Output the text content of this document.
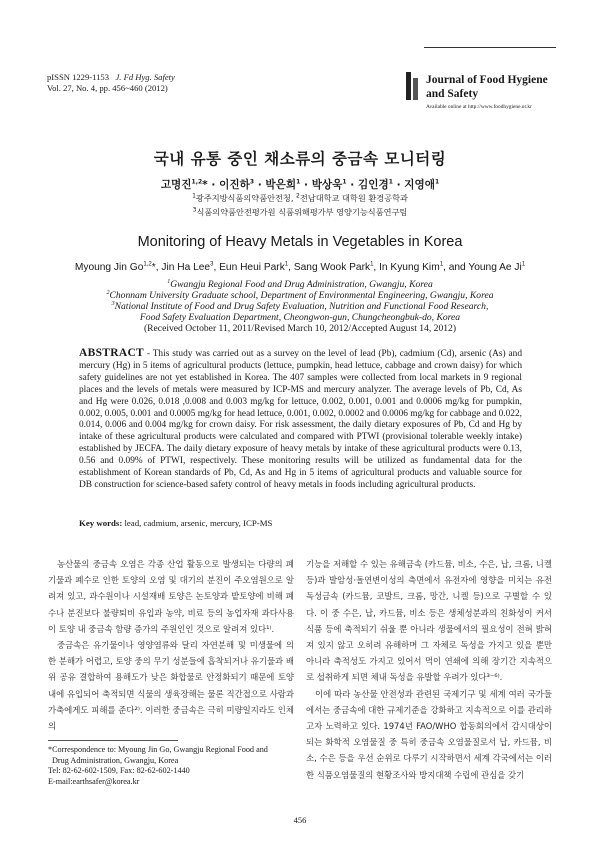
pISSN 1229-1153 J. Fd Hyg. Safety
Vol. 27, No. 4, pp. 456~460 (2012)
Journal of Food Hygiene
and Safety
Available online at http://www.foodhygiene.or.kr
국내 유통 중인 채소류의 중금속 모니터링
고명진$^{1,2}$* · 이진하$^3$ · 박은희$^1$ · 박상욱$^1$ · 김인경$^1$ · 지영애$^1$
$^1$광주지방식품의약품안전청, $^2$전남대학교 대학원 환경공학과
$^3$식품의약품안전평가원 식품위해평가부 영양기능식품연구팀
Monitoring of Heavy Metals in Vegetables in Korea
Myoung Jin Go$^{1,2}$*, Jin Ha Lee$^3$, Eun Heui Park$^1$, Sang Wook Park$^1$, In Kyung Kim$^1$, and Young Ae Ji$^1$
$^1$Gwangju Regional Food and Drug Administration, Gwangju, Korea
$^2$Chonnam University Graduate school, Department of Environmental Engineering, Gwangju, Korea
$^3$National Institute of Food and Drug Safety Evaluation, Nutrition and Functional Food Research,
Food Safety Evaluation Department, Cheongwon-gun, Chungcheongbuk-do, Korea
(Received October 11, 2011/Revised March 10, 2012/Accepted August 14, 2012)
ABSTRACT - This study was carried out as a survey on the level of lead (Pb), cadmium (Cd), arsenic (As) and mercury (Hg) in 5 items of agricultural products (lettuce, pumpkin, head lettuce, cabbage and crown daisy) for which safety guidelines are not yet established in Korea. The 407 samples were collected from local markets in 9 regional places and the levels of metals were measured by ICP-MS and mercury analyzer. The average levels of Pb, Cd, As and Hg were 0.026, 0.018 ,0.008 and 0.003 mg/kg for lettuce, 0.002, 0.001, 0.001 and 0.0006 mg/kg for pumpkin, 0.002, 0.005, 0.001 and 0.0005 mg/kg for head lettuce, 0.001, 0.002, 0.0002 and 0.0006 mg/kg for cabbage and 0.022, 0.014, 0.006 and 0.004 mg/kg for crown daisy. For risk assessment, the daily dietary exposures of Pb, Cd and Hg by intake of these agricultural products were calculated and compared with PTWI (provisional tolerable weekly intake) established by JECFA. The daily dietary exposure of heavy metals by intake of these agricultural products were 0.13, 0.56 and 0.09% of PTWI, respectively. These monitoring results will be utilized as fundamental data for the establishment of Korean standards of Pb, Cd, As and Hg in 5 items of agricultural products and valuable source for DB construction for science-based safety control of heavy metals in foods including agricultural products.
Key words: lead, cadmium, arsenic, mercury, ICP-MS

농산물의 중금속 오염은 각종 산업 활동으로 발생되는 다량의 폐기물과 폐수로 인한 토양의 오염 및 대기의 분진이 주오염원으로 알려져 있고, 과수원이나 시설재배 토양은 논토양과 밭토양에 비해 폐수나 분진보다 불량퇴비 유입과 농약, 비료 등의 농업자재 과다사용이 토양 내 중금속 함량 증가의 주원인인 것으로 알려져 있다¹⁾.

중금속은 유기물이나 영양염류와 달리 자연분해 및 미생물에 의한 분해가 어렵고, 토양 중의 무기 성분들에 흡착되거나 유기물과 배위 공유 결합하여 용해도가 낮은 화합물로 안정화되기 때문에 토양 내에 유입되어 축적되면 식물의 생육장해는 물론 직간접으로 사람과 가축에게도 피해를 준다²⁾. 이러한 중금속은 극히 미량일지라도 인체의

기능을 저해할 수 있는 유해금속 (카드뮴, 비소, 수은, 납, 크롬, 니켈 등)과 발암성·돌연변이성의 측면에서 유전자에 영향을 미치는 유전독성금속 (카드뮴, 코발트, 크롬, 망간, 니켈 등)으로 구별할 수 있다. 이 중 수은, 납, 카드뮴, 비소 등은 생체성분과의 친화성이 커서 식품 등에 축적되기 쉬울 뿐 아니라 생물에서의 필요성이 전혀 밝혀져 있지 않고 오히려 유해하며 그 자체로 독성을 가지고 있을 뿐만 아니라 축적성도 가지고 있어서 먹이 연쇄에 의해 장기간 지속적으로 섭취하게 되면 체내 독성을 유발할 우려가 있다³⁻⁶⁾.

이에 따라 농산물 안전성과 관련된 국제기구 및 세계 여러 국가들에서는 중금속에 대한 규제기준을 강화하고 지속적으로 이를 관리하고자 노력하고 있다. 1974년 FAO/WHO 합동회의에서 감시대상이 되는 화학적 오염물질 중 특히 중금속 오염물질로서 납, 카드뮴, 비소, 수은 등을 우선 순위로 다루기 시작하면서 세계 각국에서는 이러한 식품오염물질의 현황조사와 방지대책 수립에 관심을 갖기

*Correspondence to: Myoung Jin Go, Gwangju Regional Food and
Drug Administration, Gwangju, Korea
Tel: 82-62-602-1509, Fax: 82-62-602-1440
E-mail:earthsafer@korea.kr
456
